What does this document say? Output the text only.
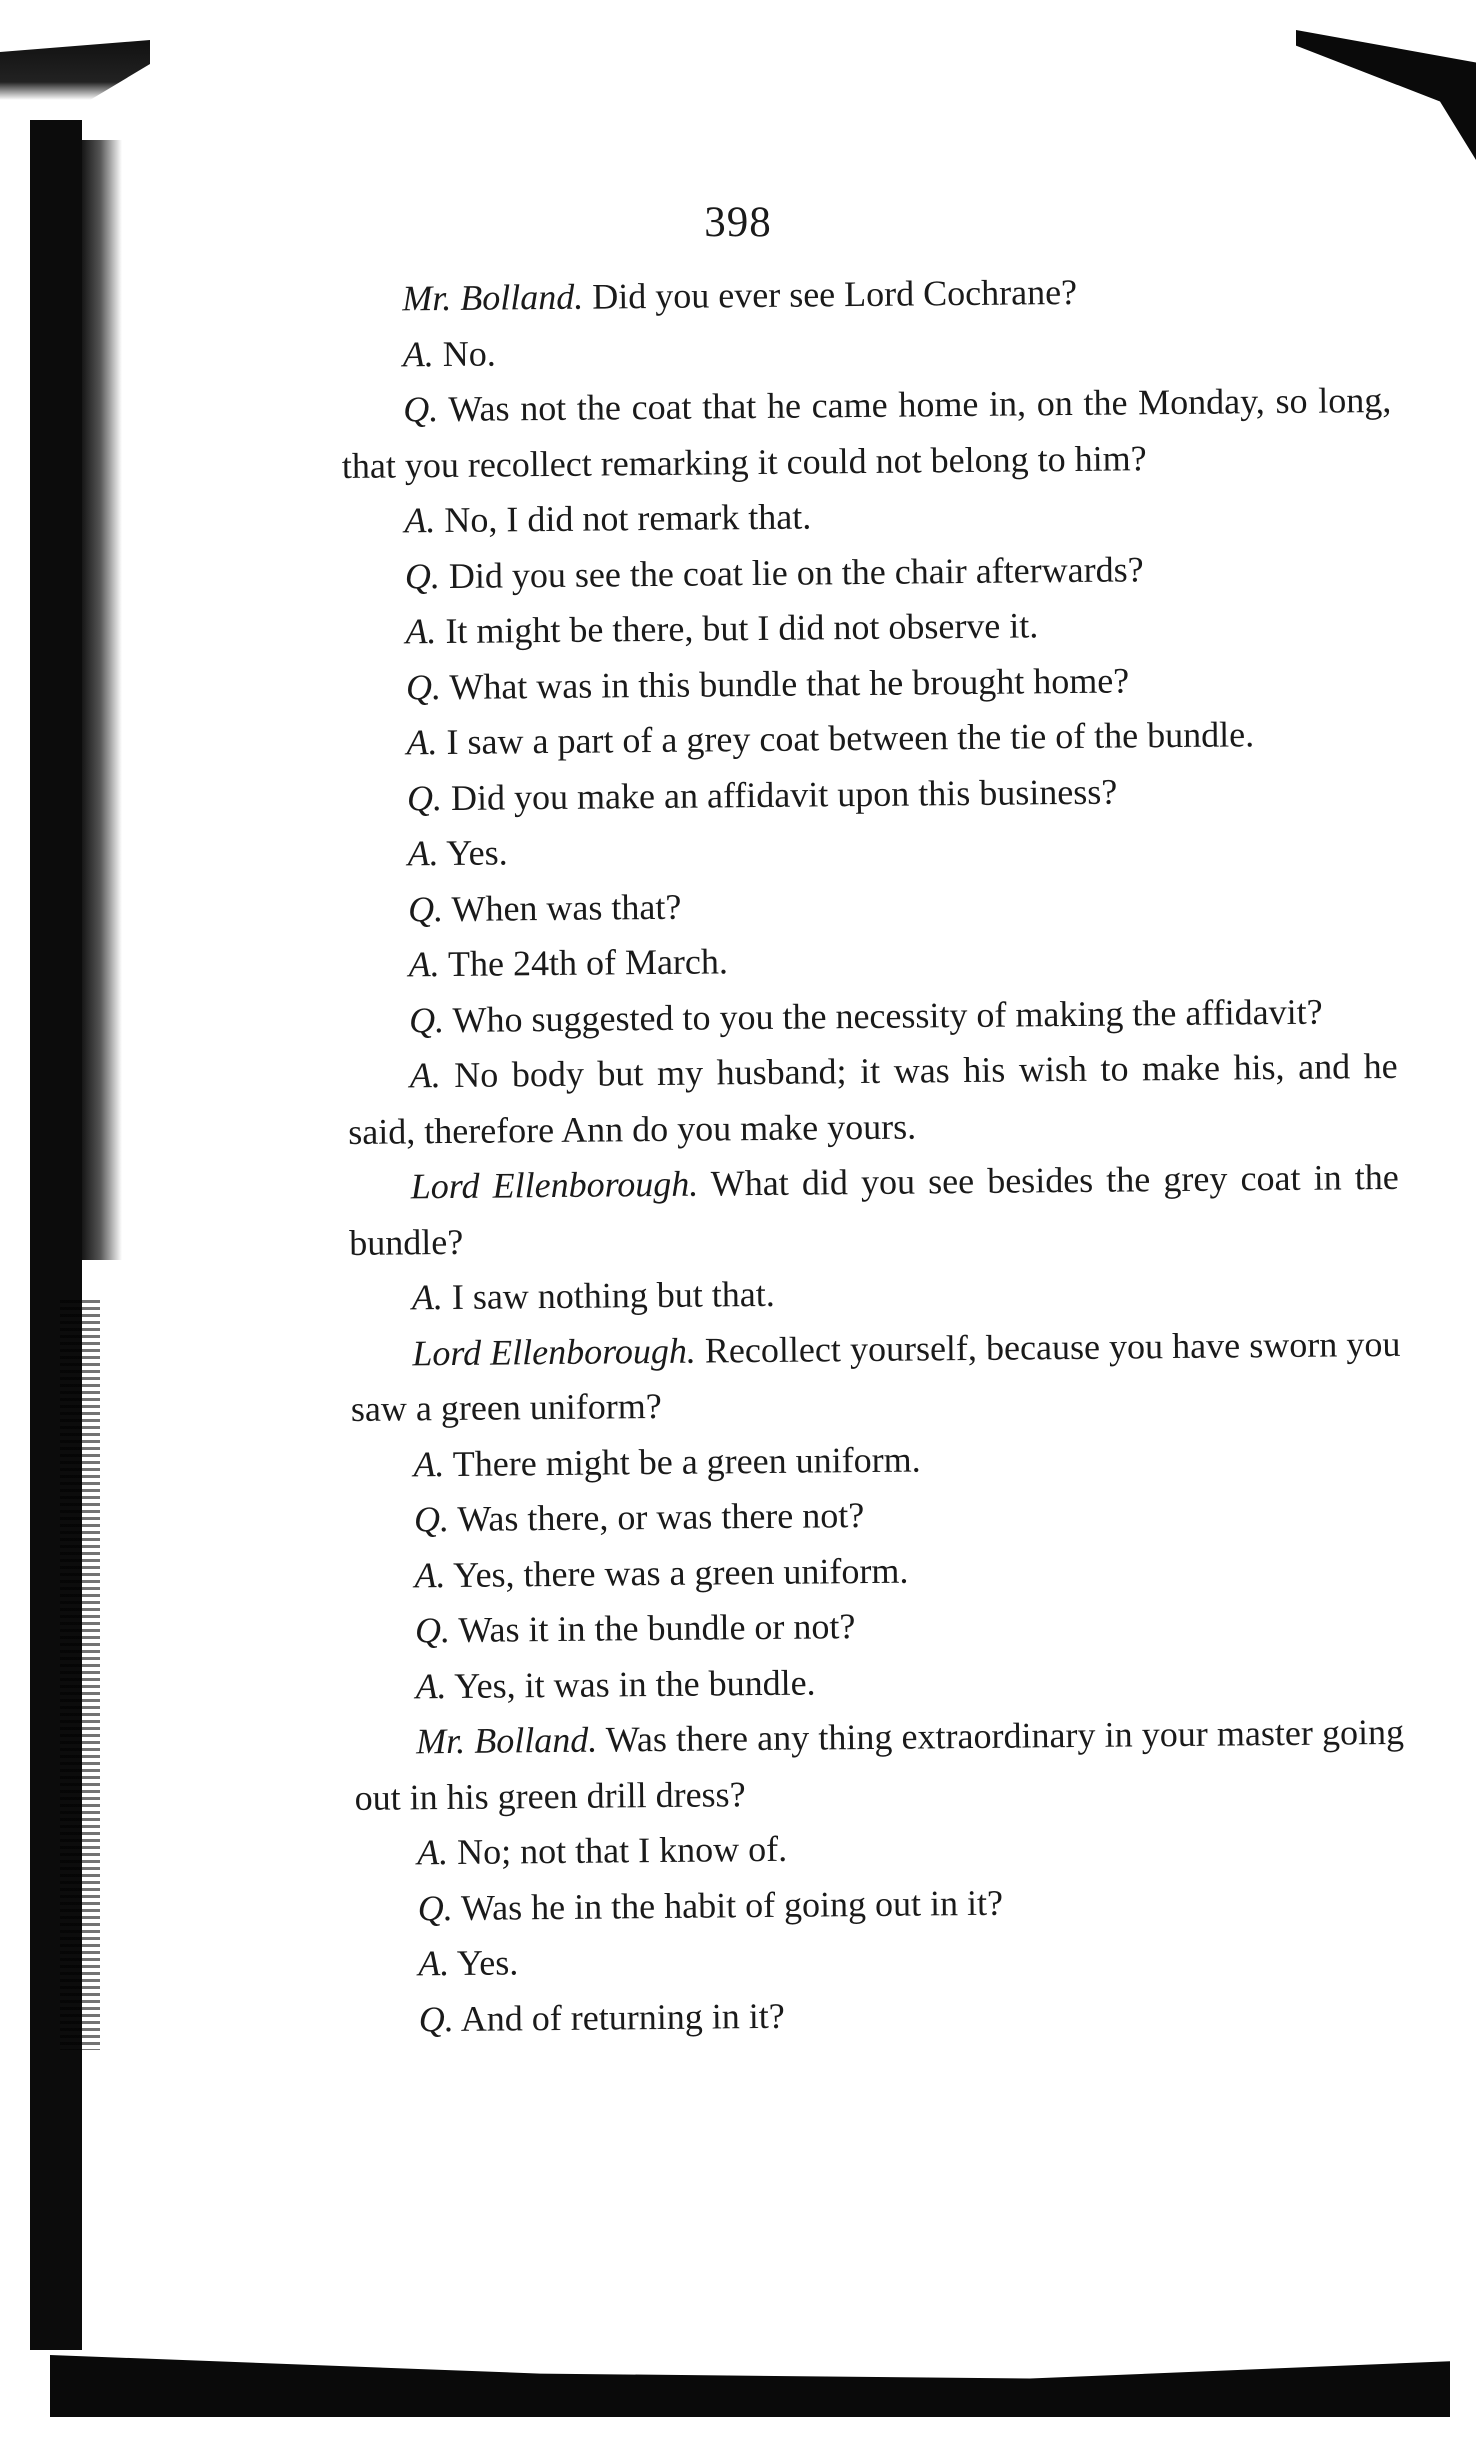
398

Mr. Bolland. Did you ever see Lord Cochrane?

A. No.

Q. Was not the coat that he came home in, on the Monday, so long, that you recollect remarking it could not belong to him?

A. No, I did not remark that.

Q. Did you see the coat lie on the chair afterwards?

A. It might be there, but I did not observe it.

Q. What was in this bundle that he brought home?

A. I saw a part of a grey coat between the tie of the bundle.

Q. Did you make an affidavit upon this business?

A. Yes.

Q. When was that?

A. The 24th of March.

Q. Who suggested to you the necessity of making the affidavit?

A. No body but my husband; it was his wish to make his, and he said, therefore Ann do you make yours.

Lord Ellenborough. What did you see besides the grey coat in the bundle?

A. I saw nothing but that.

Lord Ellenborough. Recollect yourself, because you have sworn you saw a green uniform?

A. There might be a green uniform.

Q. Was there, or was there not?

A. Yes, there was a green uniform.

Q. Was it in the bundle or not?

A. Yes, it was in the bundle.

Mr. Bolland. Was there any thing extraordinary in your master going out in his green drill dress?

A. No; not that I know of.

Q. Was he in the habit of going out in it?

A. Yes.

Q. And of returning in it?
